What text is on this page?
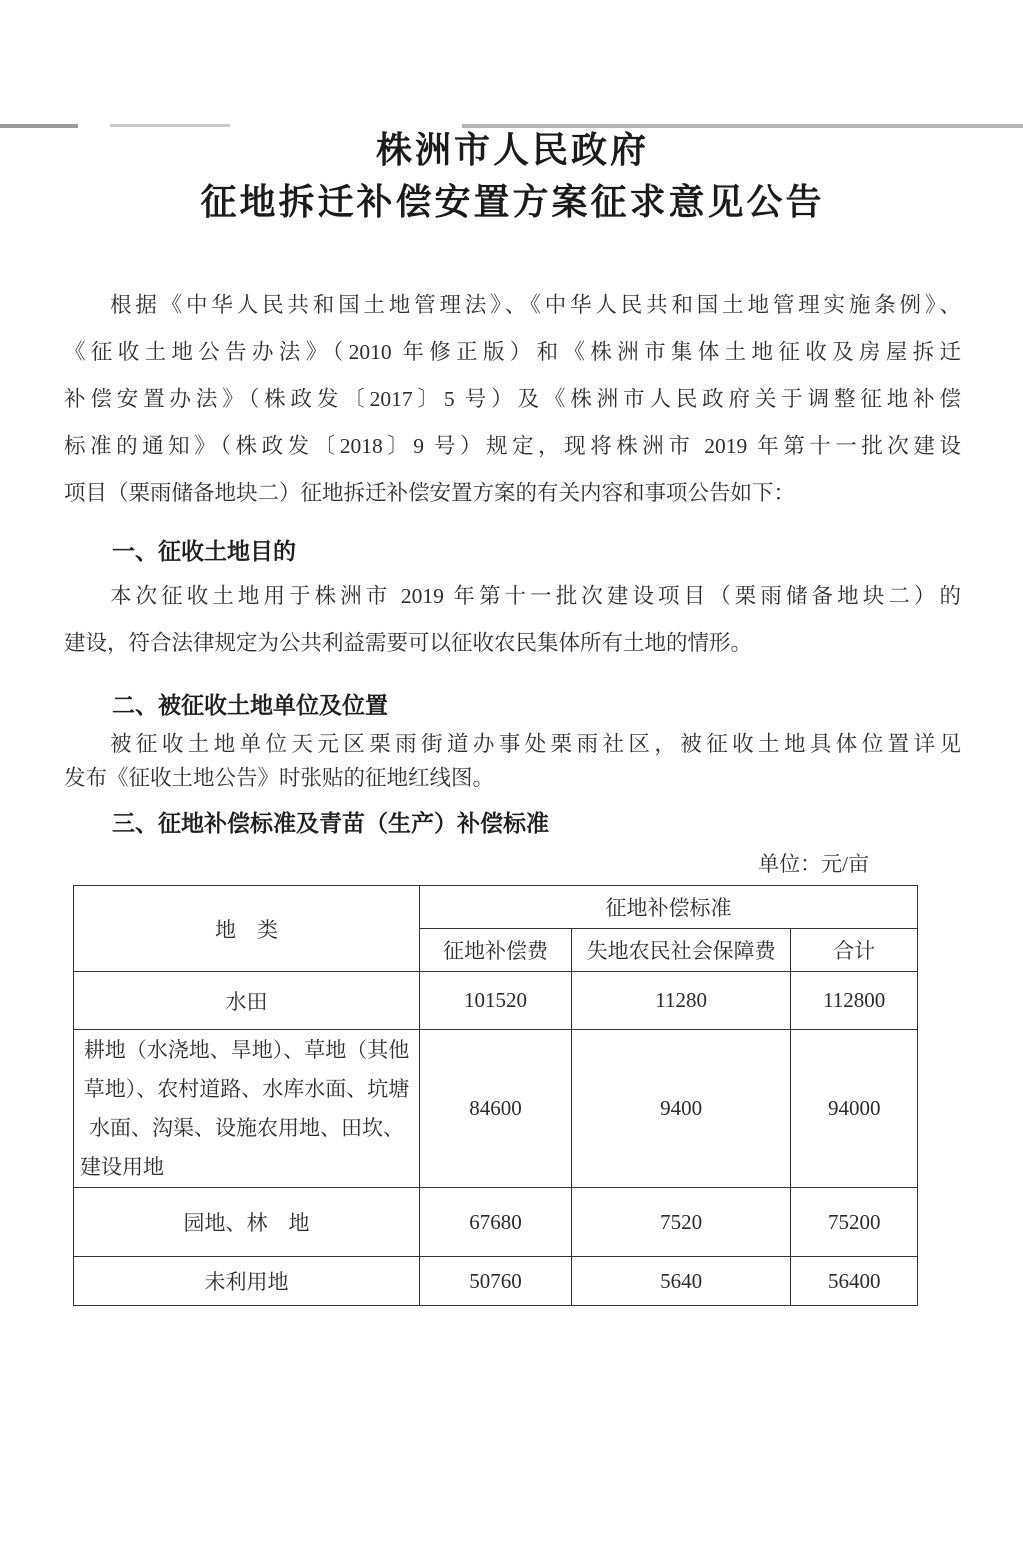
株洲市人民政府
征地拆迁补偿安置方案征求意见公告
根据《中华人民共和国土地管理法》、《中华人民共和国土地管理实施条例》、
《征收土地公告办法》（2010 年修正版）和《株洲市集体土地征收及房屋拆迁
补偿安置办法》（株政发〔2017〕5 号）及《株洲市人民政府关于调整征地补偿
标准的通知》（株政发〔2018〕9 号）规定，现将株洲市 2019 年第十一批次建设
项目（栗雨储备地块二）征地拆迁补偿安置方案的有关内容和事项公告如下：
一、征收土地目的
本次征收土地用于株洲市 2019 年第十一批次建设项目（栗雨储备地块二）的
建设，符合法律规定为公共利益需要可以征收农民集体所有土地的情形。
二、被征收土地单位及位置
被征收土地单位天元区栗雨街道办事处栗雨社区，被征收土地具体位置详见
发布《征收土地公告》时张贴的征地红线图。
三、征地补偿标准及青苗（生产）补偿标准
单位：元/亩
地　类	征地补偿标准		
	征地补偿费	失地农民社会保障费	合计
水田	101520	11280	112800
耕地（水浇地、旱地）、草地（其他草地）、农村道路、水库水面、坑塘水面、沟渠、设施农用地、田坎、建设用地	84600	9400	94000
园地、林　地	67680	7520	75200
未利用地	50760	5640	56400
